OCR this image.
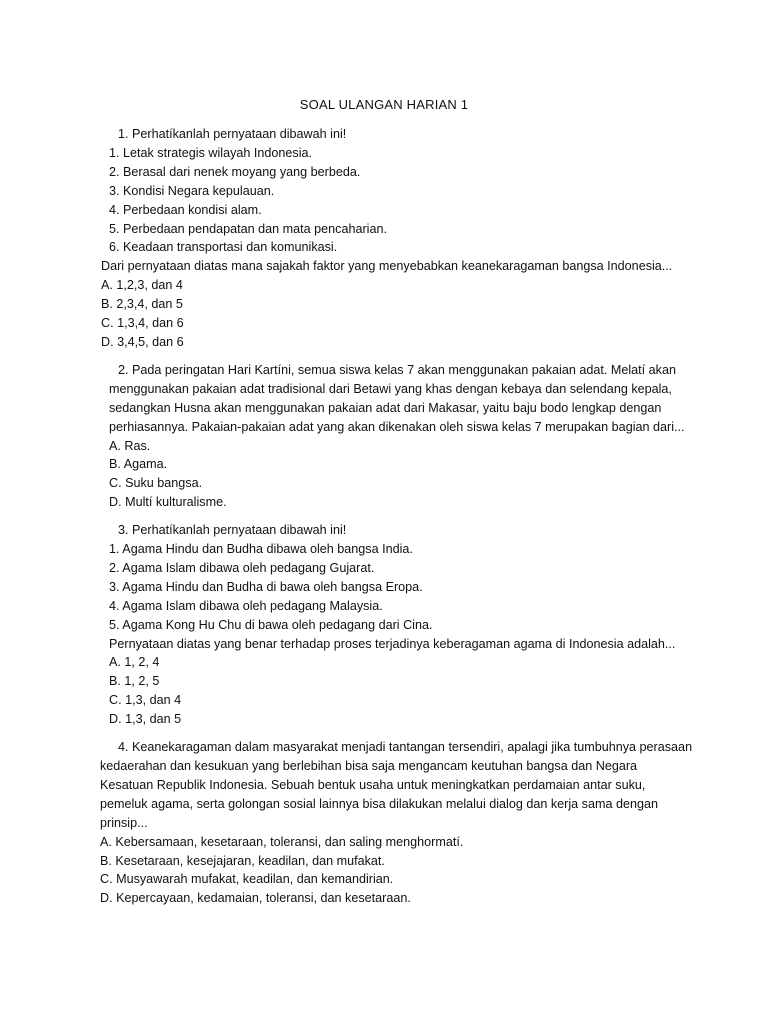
SOAL ULANGAN HARIAN 1
1. Perhatíkanlah pernyataan dibawah ini!
1. Letak strategis wilayah Indonesia.
2. Berasal dari nenek moyang yang berbeda.
3. Kondisi Negara kepulauan.
4. Perbedaan kondisi alam.
5. Perbedaan pendapatan dan mata pencaharian.
6. Keadaan transportasi dan komunikasi.
Dari pernyataan diatas mana sajakah faktor yang menyebabkan keanekaragaman bangsa Indonesia...
A. 1,2,3, dan 4
B. 2,3,4, dan 5
C. 1,3,4, dan 6
D. 3,4,5, dan 6
2. Pada peringatan Hari Kartíni, semua siswa kelas 7 akan menggunakan pakaian adat. Melatí akan
menggunakan pakaian adat tradisional dari Betawi yang khas dengan kebaya dan selendang kepala,
sedangkan Husna akan menggunakan pakaian adat dari Makasar, yaitu baju bodo lengkap dengan
perhiasannya. Pakaian-pakaian adat yang akan dikenakan oleh siswa kelas 7 merupakan bagian dari...
A. Ras.
B. Agama.
C. Suku bangsa.
D. Multí kulturalisme.
3. Perhatíkanlah pernyataan dibawah ini!
1. Agama Hindu dan Budha dibawa oleh bangsa India.
2. Agama Islam dibawa oleh pedagang Gujarat.
3. Agama Hindu dan Budha di bawa oleh bangsa Eropa.
4. Agama Islam dibawa oleh pedagang Malaysia.
5. Agama Kong Hu Chu di bawa oleh pedagang dari Cina.
Pernyataan diatas yang benar terhadap proses terjadinya keberagaman agama di Indonesia adalah...
A. 1, 2, 4
B. 1, 2, 5
C. 1,3, dan 4
D. 1,3, dan 5
4. Keanekaragaman dalam masyarakat menjadi tantangan tersendiri, apalagi jika tumbuhnya perasaan
kedaerahan dan kesukuan yang berlebihan bisa saja mengancam keutuhan bangsa dan Negara
Kesatuan Republik Indonesia. Sebuah bentuk usaha untuk meningkatkan perdamaian antar suku,
pemeluk agama, serta golongan sosial lainnya bisa dilakukan melalui dialog dan kerja sama dengan
prinsip...
A. Kebersamaan, kesetaraan, toleransi, dan saling menghormatí.
B. Kesetaraan, kesejajaran, keadilan, dan mufakat.
C. Musyawarah mufakat, keadilan, dan kemandirian.
D. Kepercayaan, kedamaian, toleransi, dan kesetaraan.
